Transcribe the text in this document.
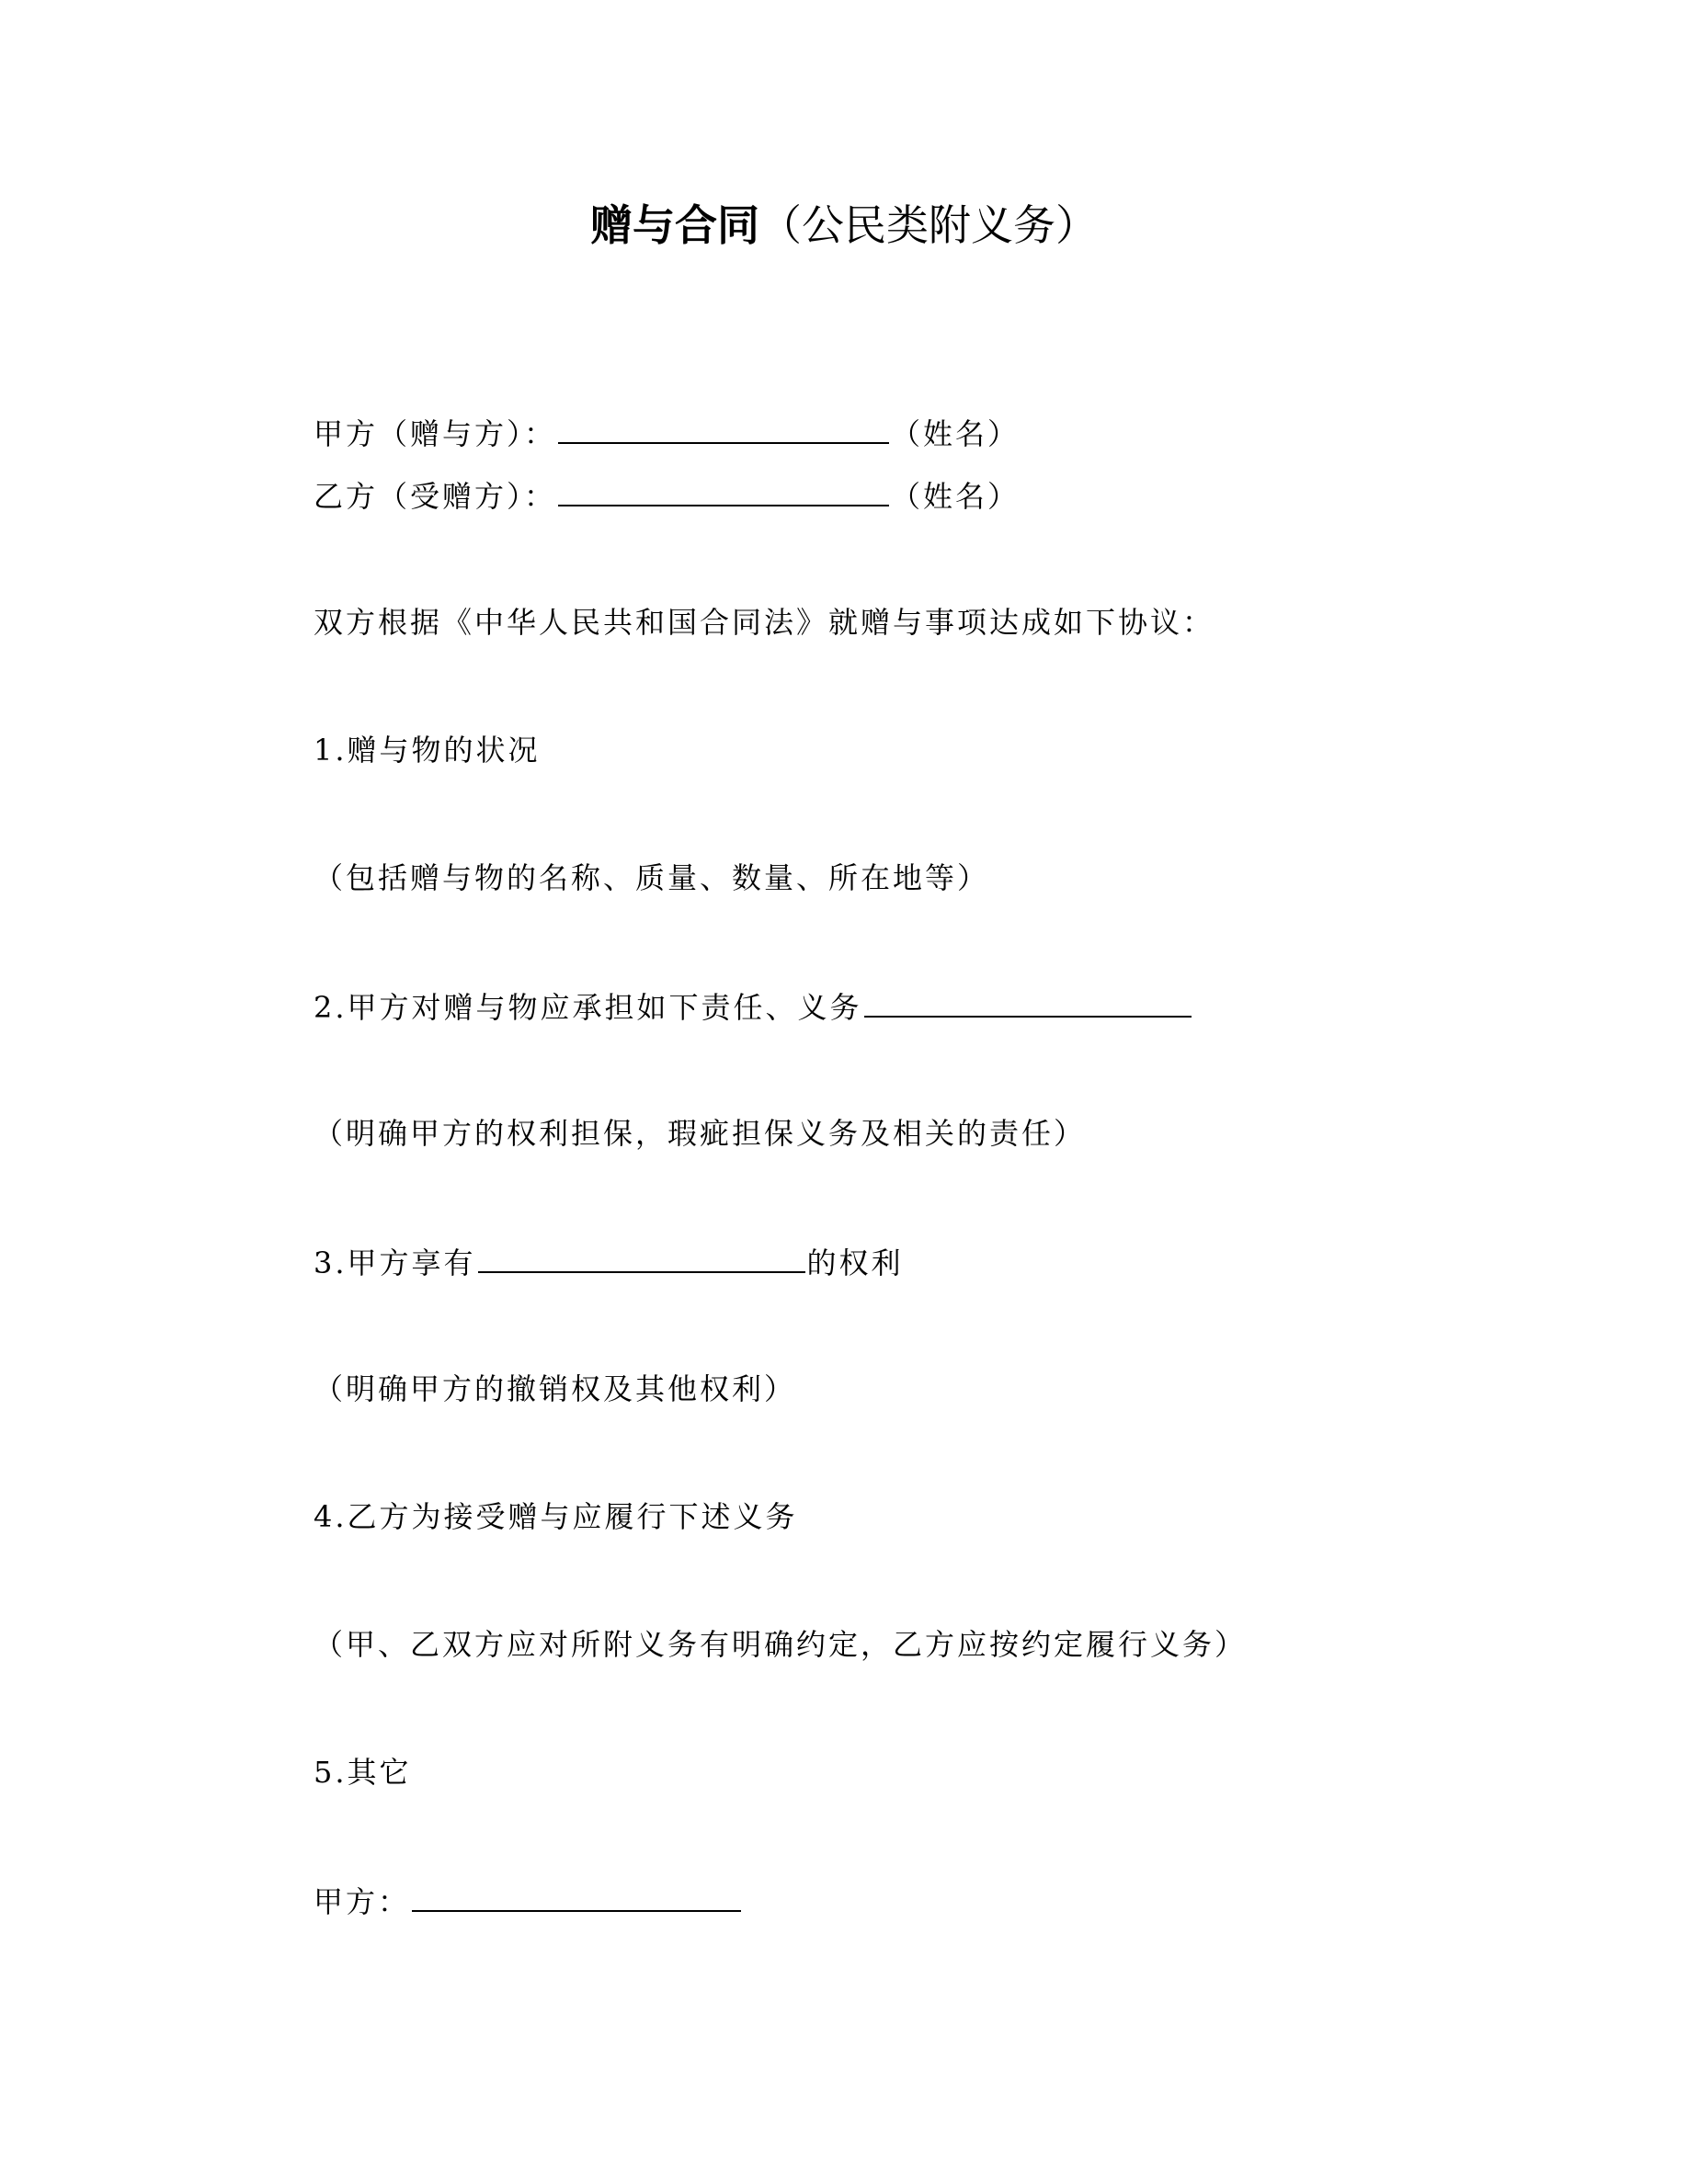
赠与合同（公民类附义务）
甲方（赠与方）：	（姓名）
乙方（受赠方）：	（姓名）
双方根据《中华人民共和国合同法》就赠与事项达成如下协议：
1.赠与物的状况
（包括赠与物的名称、质量、数量、所在地等）
2.甲方对赠与物应承担如下责任、义务
（明确甲方的权利担保，瑕疵担保义务及相关的责任）
3.甲方享有	的权利
（明确甲方的撤销权及其他权利）
4.乙方为接受赠与应履行下述义务
（甲、乙双方应对所附义务有明确约定，乙方应按约定履行义务）
5.其它
甲方：
